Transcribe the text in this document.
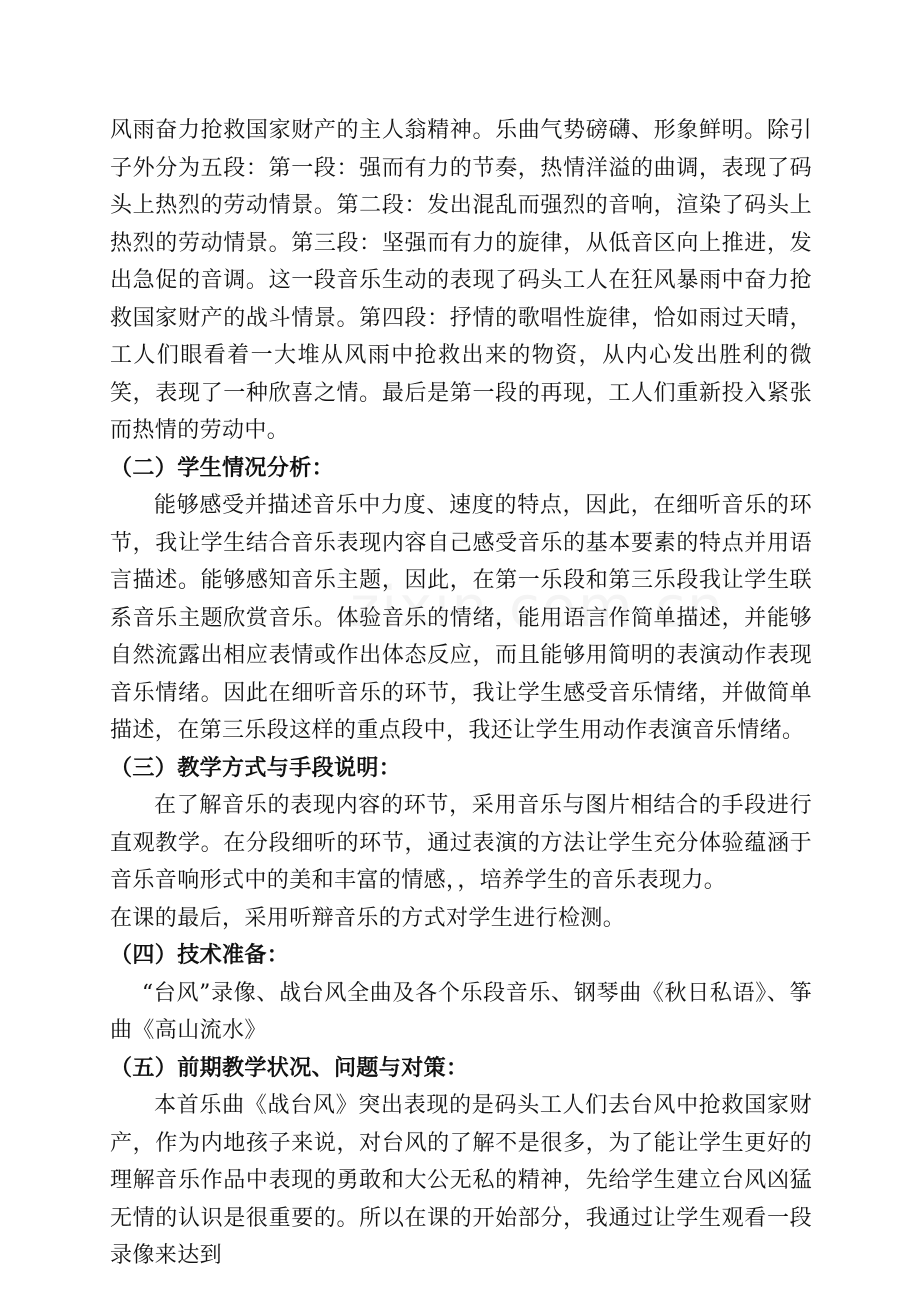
风雨奋力抢救国家财产的主人翁精神。乐曲气势磅礴、形象鲜明。除引子外分为五段：第一段：强而有力的节奏，热情洋溢的曲调，表现了码头上热烈的劳动情景。第二段：发出混乱而强烈的音响，渲染了码头上热烈的劳动情景。第三段：坚强而有力的旋律，从低音区向上推进，发出急促的音调。这一段音乐生动的表现了码头工人在狂风暴雨中奋力抢救国家财产的战斗情景。第四段：抒情的歌唱性旋律，恰如雨过天晴，工人们眼看着一大堆从风雨中抢救出来的物资，从内心发出胜利的微笑，表现了一种欣喜之情。最后是第一段的再现，工人们重新投入紧张而热情的劳动中。

（二）学生情况分析：

能够感受并描述音乐中力度、速度的特点，因此，在细听音乐的环节，我让学生结合音乐表现内容自己感受音乐的基本要素的特点并用语言描述。能够感知音乐主题，因此，在第一乐段和第三乐段我让学生联系音乐主题欣赏音乐。体验音乐的情绪，能用语言作简单描述，并能够自然流露出相应表情或作出体态反应，而且能够用简明的表演动作表现音乐情绪。因此在细听音乐的环节，我让学生感受音乐情绪，并做简单描述，在第三乐段这样的重点段中，我还让学生用动作表演音乐情绪。

（三）教学方式与手段说明：

在了解音乐的表现内容的环节，采用音乐与图片相结合的手段进行直观教学。在分段细听的环节，通过表演的方法让学生充分体验蕴涵于音乐音响形式中的美和丰富的情感，，培养学生的音乐表现力。

在课的最后，采用听辩音乐的方式对学生进行检测。

（四）技术准备：

“台风”录像、战台风全曲及各个乐段音乐、钢琴曲《秋日私语》、筝曲《高山流水》

（五）前期教学状况、问题与对策：

本首乐曲《战台风》突出表现的是码头工人们去台风中抢救国家财产，作为内地孩子来说，对台风的了解不是很多，为了能让学生更好的理解音乐作品中表现的勇敢和大公无私的精神，先给学生建立台风凶猛无情的认识是很重要的。所以在课的开始部分，我通过让学生观看一段录像来达到
